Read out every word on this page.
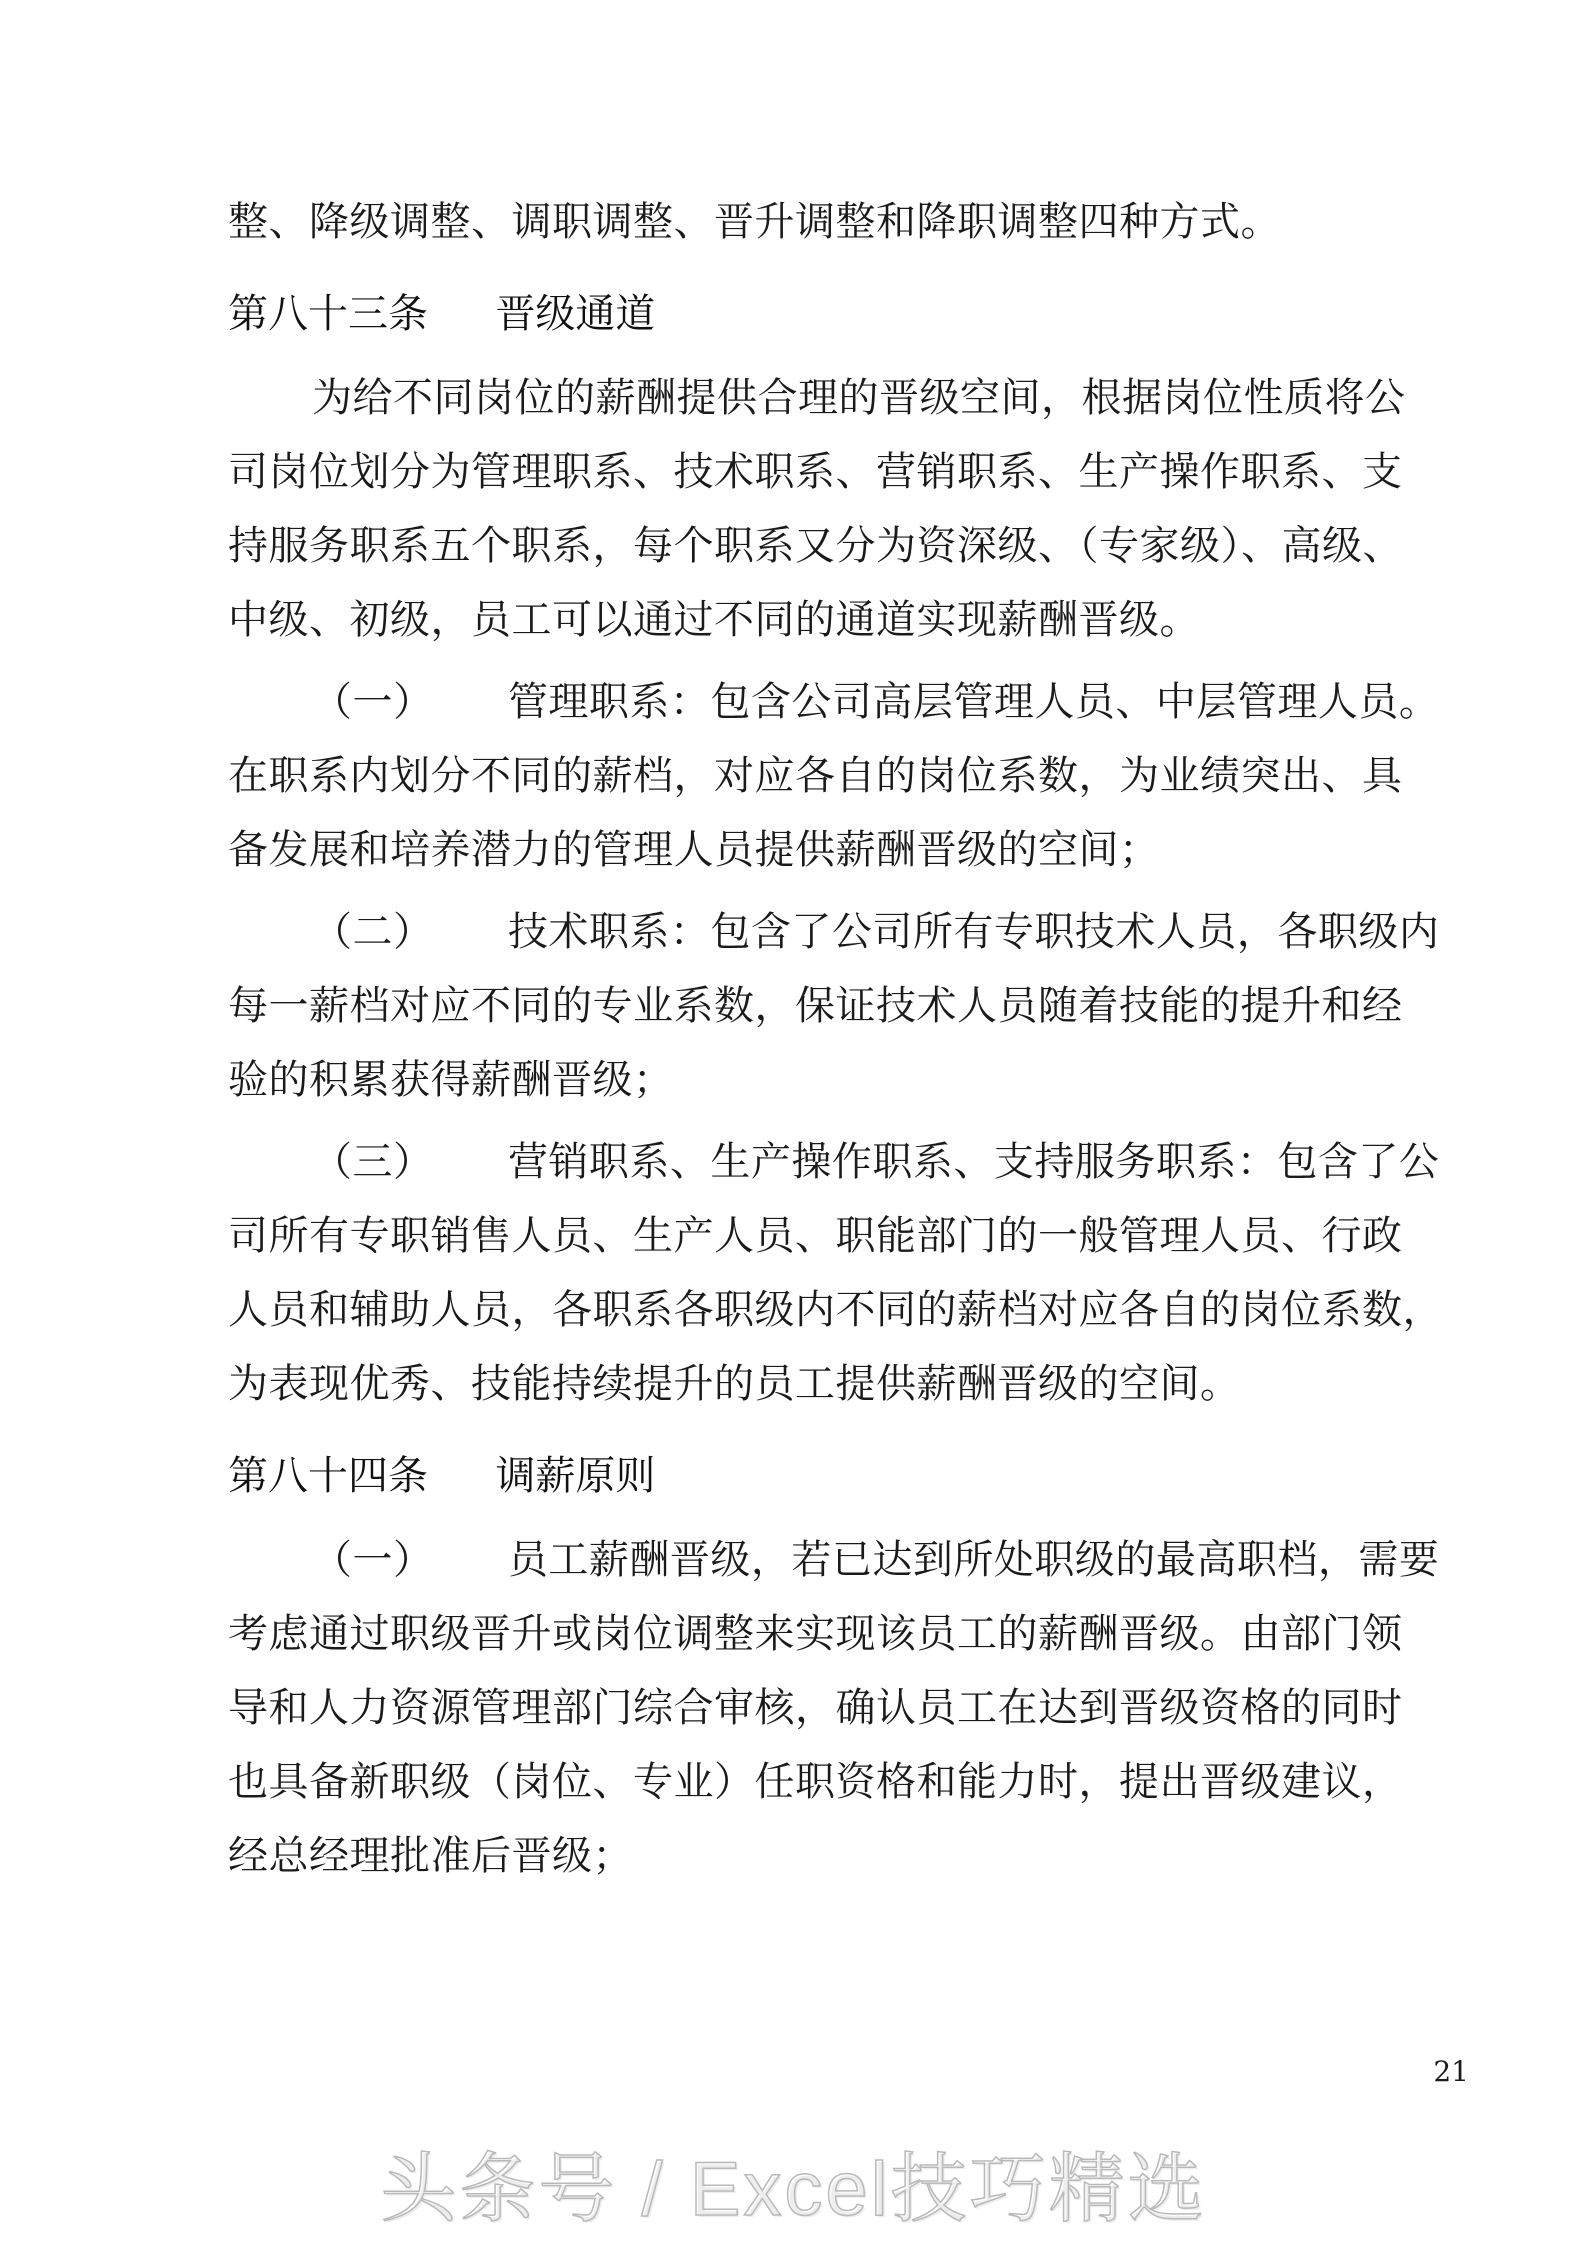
整、降级调整、调职调整、晋升调整和降职调整四种方式。
第八十三条 晋级通道
为给不同岗位的薪酬提供合理的晋级空间，根据岗位性质将公
司岗位划分为管理职系、技术职系、营销职系、生产操作职系、支
持服务职系五个职系，每个职系又分为资深级、（专家级）、高级、
中级、初级，员工可以通过不同的通道实现薪酬晋级。
（一） 管理职系：包含公司高层管理人员、中层管理人员。
在职系内划分不同的薪档，对应各自的岗位系数，为业绩突出、具
备发展和培养潜力的管理人员提供薪酬晋级的空间；
（二） 技术职系：包含了公司所有专职技术人员，各职级内
每一薪档对应不同的专业系数，保证技术人员随着技能的提升和经
验的积累获得薪酬晋级；
（三） 营销职系、生产操作职系、支持服务职系：包含了公
司所有专职销售人员、生产人员、职能部门的一般管理人员、行政
人员和辅助人员，各职系各职级内不同的薪档对应各自的岗位系数，
为表现优秀、技能持续提升的员工提供薪酬晋级的空间。
第八十四条 调薪原则
（一） 员工薪酬晋级，若已达到所处职级的最高职档，需要
考虑通过职级晋升或岗位调整来实现该员工的薪酬晋级。由部门领
导和人力资源管理部门综合审核，确认员工在达到晋级资格的同时
也具备新职级（岗位、专业）任职资格和能力时，提出晋级建议，
经总经理批准后晋级；
21
头条号 / Excel技巧精选
